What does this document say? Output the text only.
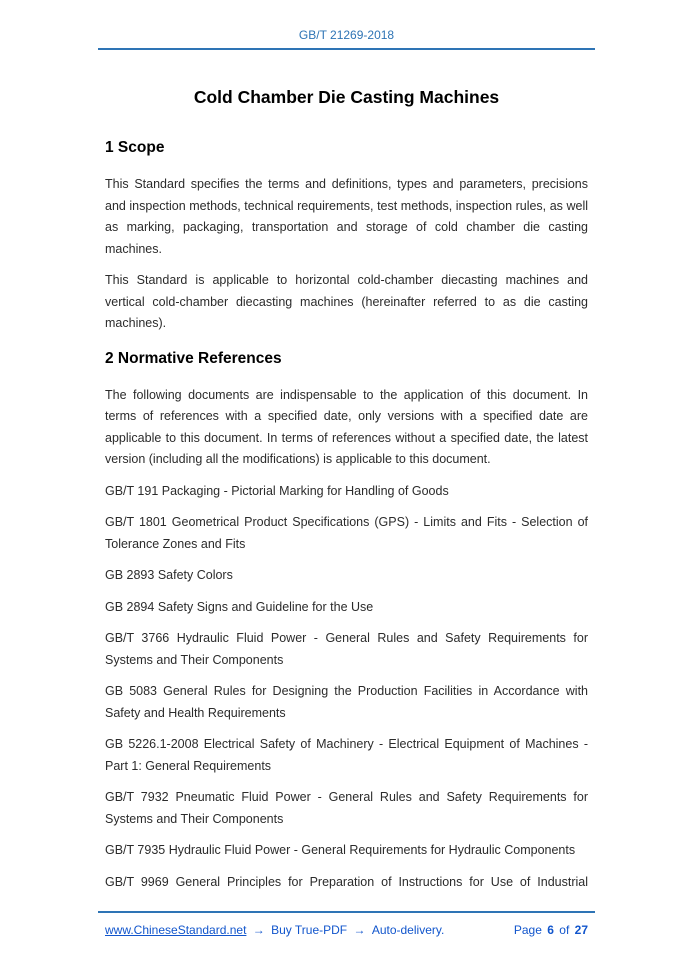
GB/T 21269-2018
Cold Chamber Die Casting Machines
1 Scope

This Standard specifies the terms and definitions, types and parameters, precisions and inspection methods, technical requirements, test methods, inspection rules, as well as marking, packaging, transportation and storage of cold chamber die casting machines.

This Standard is applicable to horizontal cold-chamber diecasting machines and vertical cold-chamber diecasting machines (hereinafter referred to as die casting machines).

2 Normative References

The following documents are indispensable to the application of this document. In terms of references with a specified date, only versions with a specified date are applicable to this document. In terms of references without a specified date, the latest version (including all the modifications) is applicable to this document.

GB/T 191 Packaging - Pictorial Marking for Handling of Goods

GB/T 1801 Geometrical Product Specifications (GPS) - Limits and Fits - Selection of Tolerance Zones and Fits

GB 2893 Safety Colors

GB 2894 Safety Signs and Guideline for the Use

GB/T 3766 Hydraulic Fluid Power - General Rules and Safety Requirements for Systems and Their Components

GB 5083 General Rules for Designing the Production Facilities in Accordance with Safety and Health Requirements

GB 5226.1-2008 Electrical Safety of Machinery - Electrical Equipment of Machines - Part 1: General Requirements

GB/T 7932 Pneumatic Fluid Power - General Rules and Safety Requirements for Systems and Their Components

GB/T 7935 Hydraulic Fluid Power - General Requirements for Hydraulic Components

GB/T 9969 General Principles for Preparation of Instructions for Use of Industrial

www.ChineseStandard.net → Buy True-PDF → Auto-delivery.	Page 6 of 27
